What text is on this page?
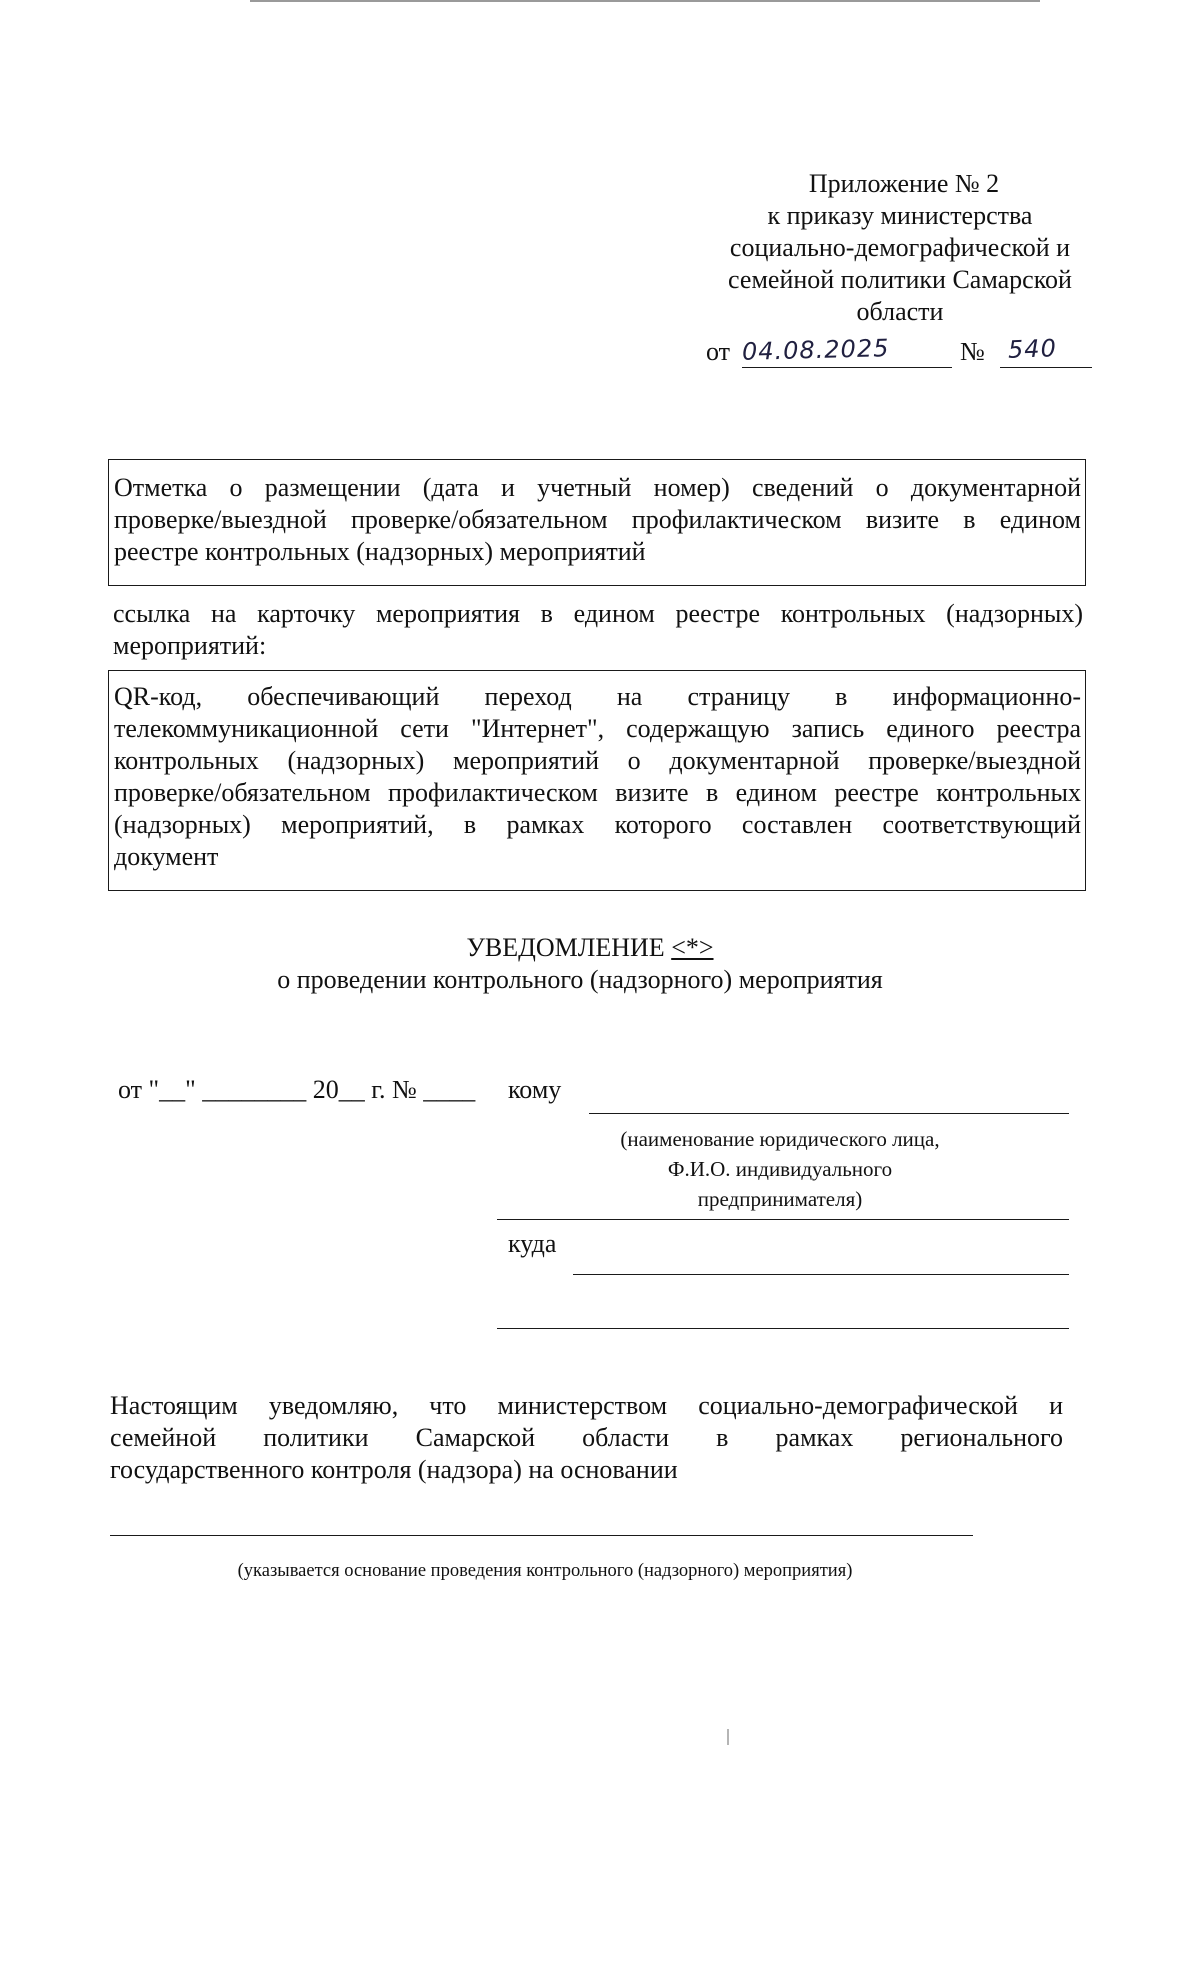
Приложение № 2
к приказу министерства
социально-демографической и
семейной политики Самарской
области
от 04.08.2025	№ 540
Отметка о размещении (дата и учетный номер) сведений о документарной
проверке/выездной проверке/обязательном профилактическом визите в едином
реестре контрольных (надзорных) мероприятий
ссылка на карточку мероприятия в едином реестре контрольных (надзорных)
мероприятий:
QR-код, обеспечивающий переход на страницу в информационно-
телекоммуникационной сети "Интернет", содержащую запись единого реестра
контрольных (надзорных) мероприятий о документарной проверке/выездной
проверке/обязательном профилактическом визите в едином реестре контрольных
(надзорных) мероприятий, в рамках которого составлен соответствующий
документ
УВЕДОМЛЕНИЕ <*>
о проведении контрольного (надзорного) мероприятия
от "__" ________ 20__ г. № ____ кому
(наименование юридического лица,
Ф.И.О. индивидуального
предпринимателя)
куда
Настоящим уведомляю, что министерством социально-демографической и
семейной политики Самарской области в рамках регионального
государственного контроля (надзора) на основании
(указывается основание проведения контрольного (надзорного) мероприятия)
